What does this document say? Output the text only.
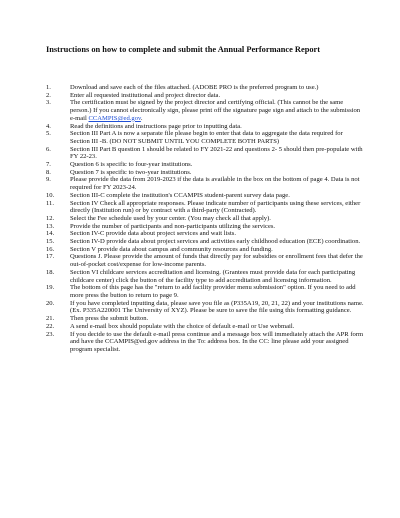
Instructions on how to complete and submit the Annual Performance Report
1.	Download and save each of the files attached. (ADOBE PRO is the preferred program to use.)
2.	Enter all requested institutional and project director data.
3.	The certification must be signed by the project director and certifying official. (This cannot be the same person.) If you cannot electronically sign, please print off the signature page sign and attach to the submission e-mail CCAMPIS@ed.gov.
4.	Read the definitions and instructions page prior to inputting data.
5.	Section III Part A is now a separate file please begin to enter that data to aggregate the data required for Section III -B. (DO NOT SUBMIT UNTIL YOU COMPLETE BOTH PARTS)
6.	Section III Part B question 1 should be related to FY 2021-22 and questions 2- 5 should then pre-populate with FY 22-23.
7.	Question 6 is specific to four-year institutions.
8.	Question 7 is specific to two-year institutions.
9.	Please provide the data from 2019-2023 if the data is available in the box on the bottom of page 4. Data is not required for FY 2023-24.
10.	Section III-C complete the institution's CCAMPIS student-parent survey data page.
11.	Section IV Check all appropriate responses. Please indicate number of participants using these services, either directly (Institution run) or by contract with a third-party (Contracted).
12.	Select the Fee schedule used by your center. (You may check all that apply).
13.	Provide the number of participants and non-participants utilizing the services.
14.	Section IV-C provide data about project services and wait lists.
15.	Section IV-D provide data about project services and activities early childhood education (ECE) coordination.
16.	Section V provide data about campus and community resources and funding.
17.	Questions J. Please provide the amount of funds that directly pay for subsidies or enrollment fees that defer the out-of-pocket cost/expense for low-income parents.
18.	Section VI childcare services accreditation and licensing. (Grantees must provide data for each participating childcare center) click the button of the facility type to add accreditation and licensing information.
19.	The bottom of this page has the "return to add facility provider menu submission" option. If you need to add more press the button to return to page 9.
20.	If you have completed inputting data, please save you file as (P335A19, 20, 21, 22) and your institutions name. (Ex. P335A220001 The University of XYZ). Please be sure to save the file using this formatting guidance.
21.	Then press the submit button.
22.	A send e-mail box should populate with the choice of default e-mail or Use webmail.
23.	If you decide to use the default e-mail press continue and a message box will immediately attach the APR form and have the CCAMPIS@ed.gov address in the To: address box. In the CC: line please add your assigned program specialist.
